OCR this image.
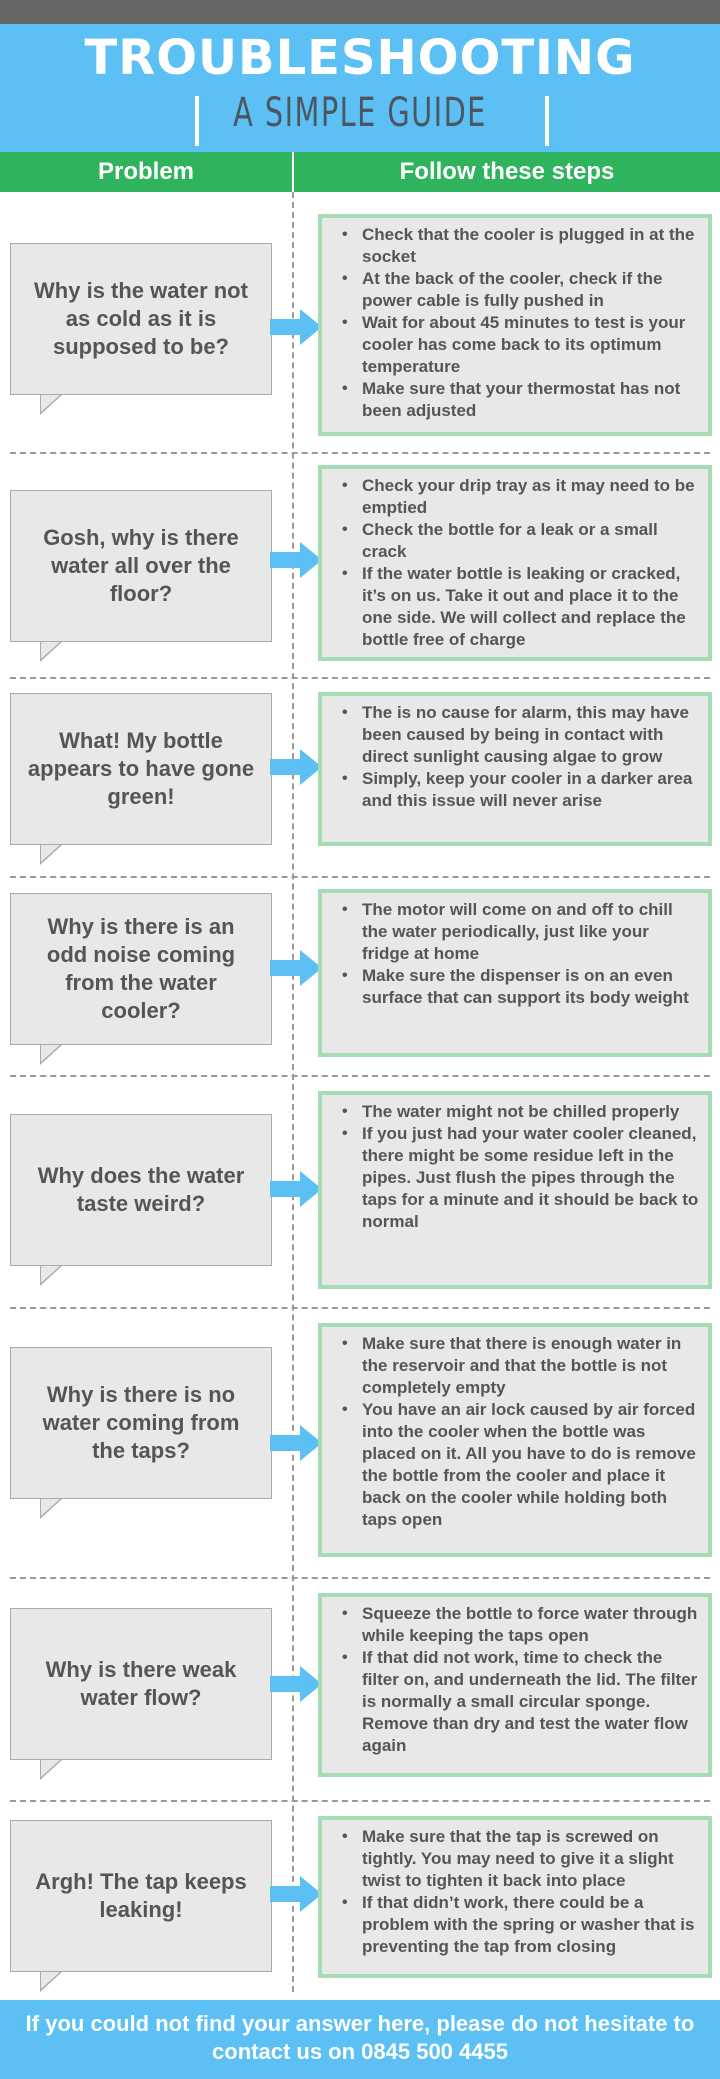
TROUBLESHOOTING
A SIMPLE GUIDE
Problem	Follow these steps
Why is the water not as cold as it is supposed to be?
• Check that the cooler is plugged in at the socket
• At the back of the cooler, check if the power cable is fully pushed in
• Wait for about 45 minutes to test is your cooler has come back to its optimum temperature
• Make sure that your thermostat has not been adjusted
Gosh, why is there water all over the floor?
• Check your drip tray as it may need to be emptied
• Check the bottle for a leak or a small crack
• If the water bottle is leaking or cracked, it’s on us. Take it out and place it to the one side. We will collect and replace the bottle free of charge
What! My bottle appears to have gone green!
• The is no cause for alarm, this may have been caused by being in contact with direct sunlight causing algae to grow
• Simply, keep your cooler in a darker area and this issue will never arise
Why is there is an odd noise coming from the water cooler?
• The motor will come on and off to chill the water periodically, just like your fridge at home
• Make sure the dispenser is on an even surface that can support its body weight
Why does the water taste weird?
• The water might not be chilled properly
• If you just had your water cooler cleaned, there might be some residue left in the pipes. Just flush the pipes through the taps for a minute and it should be back to normal
Why is there is no water coming from the taps?
• Make sure that there is enough water in the reservoir and that the bottle is not completely empty
• You have an air lock caused by air forced into the cooler when the bottle was placed on it. All you have to do is remove the bottle from the cooler and place it back on the cooler while holding both taps open
Why is there weak water flow?
• Squeeze the bottle to force water through while keeping the taps open
• If that did not work, time to check the filter on, and underneath the lid. The filter is normally a small circular sponge. Remove than dry and test the water flow again
Argh! The tap keeps leaking!
• Make sure that the tap is screwed on tightly. You may need to give it a slight twist to tighten it back into place
• If that didn’t work, there could be a problem with the spring or washer that is preventing the tap from closing
If you could not find your answer here, please do not hesitate to contact us on 0845 500 4455
